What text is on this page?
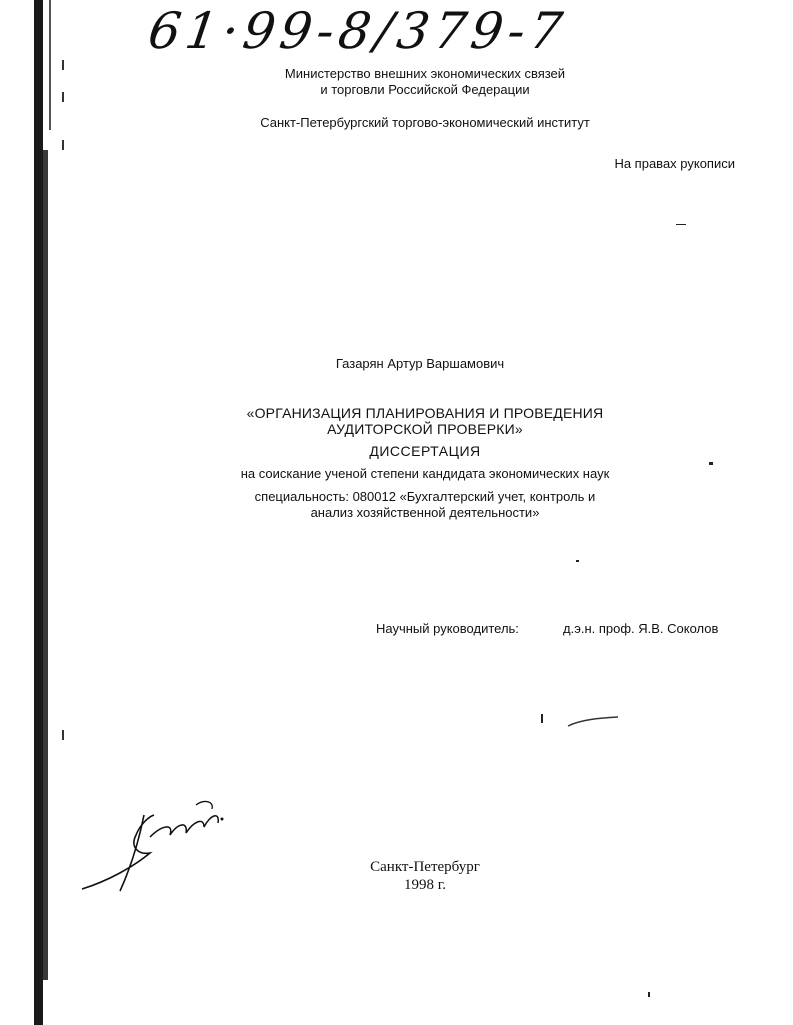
61·99-8/379-7
Министерство внешних экономических связей
и торговли Российской Федерации
Санкт-Петербургский торгово-экономический институт
На правах рукописи
Газарян Артур Варшамович
«ОРГАНИЗАЦИЯ ПЛАНИРОВАНИЯ И ПРОВЕДЕНИЯ
АУДИТОРСКОЙ ПРОВЕРКИ»
ДИССЕРТАЦИЯ
на соискание ученой степени кандидата экономических наук
специальность: 080012 «Бухгалтерский учет, контроль и
анализ хозяйственной деятельности»
Научный руководитель:	д.э.н. проф. Я.В. Соколов
Санкт-Петербург
1998 г.
